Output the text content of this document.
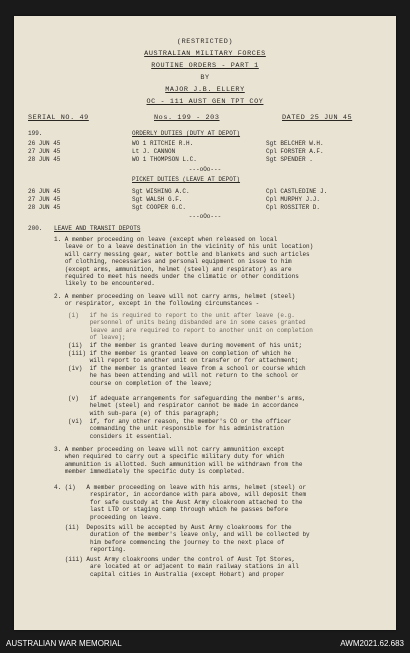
(RESTRICTED)
AUSTRALIAN MILITARY FORCES
ROUTINE ORDERS - PART 1
BY
MAJOR J.B. ELLERY
OC - 111 AUST GEN TPT COY
SERIAL NO. 49	Nos. 199 - 203	DATED 25 JUN 45
199.	ORDERLY DUTIES (DUTY AT DEPOT)
26 JUN 45	WO 1 RITCHIE R.H.	Sgt BELCHER W.H.
27 JUN 45	Lt J. CANNON	Cpl FORSTER A.F.
28 JUN 45	WO 1 THOMPSON L.C.	Sgt SPENDER .
---oOo---
PICKET DUTIES (LEAVE AT DEPOT)
26 JUN 45	Sgt WISHING A.C.	Cpl CASTLEDINE J.
27 JUN 45	Sgt WALSH G.F.	Cpl MURPHY J.J.
28 JUN 45	Sgt COOPER G.C.	Cpl ROSSITER D.
---oOo---
200. LEAVE AND TRANSIT DEPOTS
1. A member proceeding on leave (except when released on local
leave or to a leave destination in the vicinity of his unit location)
will carry messing gear, water bottle and blankets and such articles
of clothing, necessaries and personal equipment on issue to him
(except arms, ammunition, helmet (steel) and respirator) as are
required to meet his needs under the climatic or other conditions
likely to be encountered.
2. A member proceeding on leave will not carry arms, helmet (steel)
or respirator, except in the following circumstances -
(i)   if he is required to report to the unit after leave (e.g.
personnel of units being disbanded are in some cases granted
leave and are required to report to another unit on completion
of leave);
(ii)  if the member is granted leave during movement of his unit;
(iii) if the member is granted leave on completion of which he
will report to another unit on transfer or for attachment;
(iv)  if the member is granted leave from a school or course which
he has been attending and will not return to the school or
course on completion of the leave;
(v)   if adequate arrangements for safeguarding the member's arms,
helmet (steel) and respirator cannot be made in accordance
with sub-para (e) of this paragraph;
(vi)  if, for any other reason, the member's CO or the officer
commanding the unit responsible for his administration
considers it essential.
3. A member proceeding on leave will not carry ammunition except
when required to carry out a specific military duty for which
ammunition is allotted. Such ammunition will be withdrawn from the
member immediately the specific duty is completed.
4. (i)   A member proceeding on leave with his arms, helmet (steel) or
respirator, in accordance with para above, will deposit them
for safe custody at the Aust Army cloakroom attached to the
last LTD or staging camp through which he passes before
proceeding on leave.
(ii)  Deposits will be accepted by Aust Army cloakrooms for the
duration of the member's leave only, and will be collected by
him before commencing the journey to the next place of
reporting.
(iii) Aust Army cloakrooms under the control of Aust Tpt Stores,
are located at or adjacent to main railway stations in all
capital cities in Australia (except Hobart) and proper
AUSTRALIAN WAR MEMORIAL	AWM2021.62.683
